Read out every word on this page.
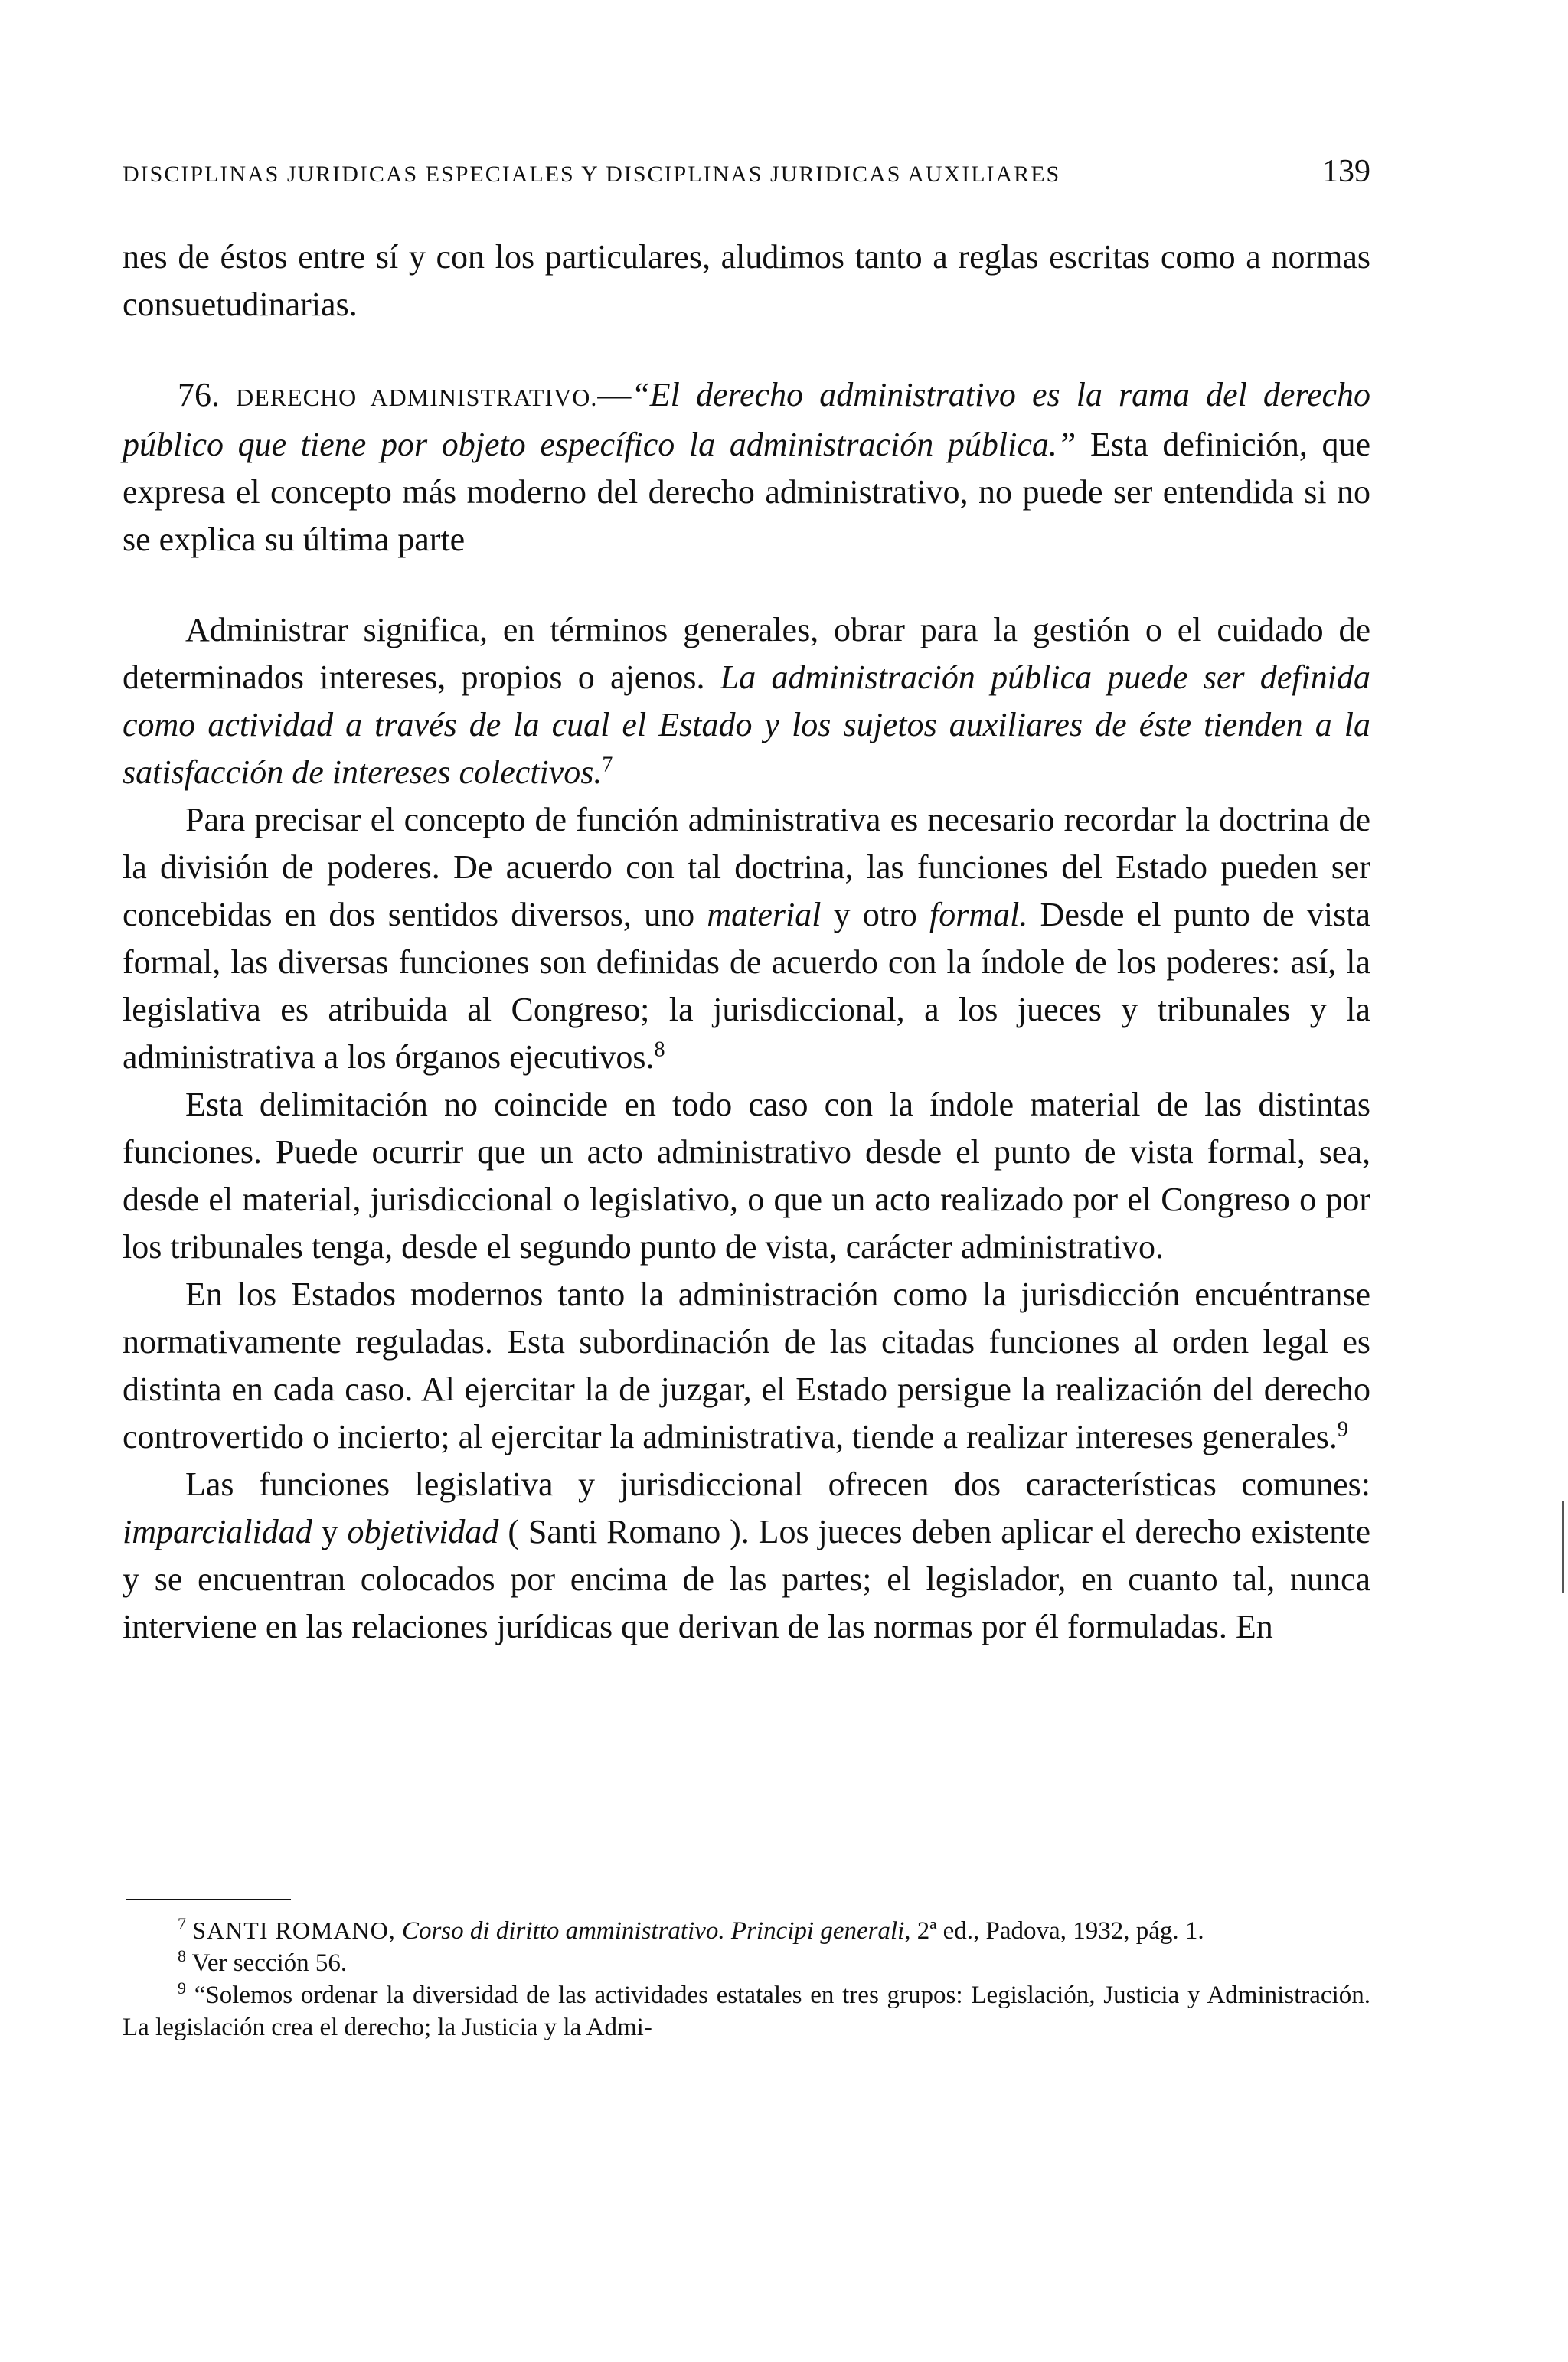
DISCIPLINAS JURIDICAS ESPECIALES Y DISCIPLINAS JURIDICAS AUXILIARES	139

nes de éstos entre sí y con los particulares, aludimos tanto a reglas escritas como a normas consuetudinarias.

76. DERECHO ADMINISTRATIVO.—“El derecho administrativo es la rama del derecho público que tiene por objeto específico la administración pública.” Esta definición, que expresa el concepto más moderno del derecho administrativo, no puede ser entendida si no se explica su última parte

Administrar significa, en términos generales, obrar para la gestión o el cuidado de determinados intereses, propios o ajenos. La administración pública puede ser definida como actividad a través de la cual el Estado y los sujetos auxiliares de éste tienden a la satisfacción de intereses colectivos.$^7$

Para precisar el concepto de función administrativa es necesario recordar la doctrina de la división de poderes. De acuerdo con tal doctrina, las funciones del Estado pueden ser concebidas en dos sentidos diversos, uno material y otro formal. Desde el punto de vista formal, las diversas funciones son definidas de acuerdo con la índole de los poderes: así, la legislativa es atribuida al Congreso; la jurisdiccional, a los jueces y tribunales y la administrativa a los órganos ejecutivos.$^8$

Esta delimitación no coincide en todo caso con la índole material de las distintas funciones. Puede ocurrir que un acto administrativo desde el punto de vista formal, sea, desde el material, jurisdiccional o legislativo, o que un acto realizado por el Congreso o por los tribunales tenga, desde el segundo punto de vista, carácter administrativo.

En los Estados modernos tanto la administración como la jurisdicción encuéntranse normativamente reguladas. Esta subordinación de las citadas funciones al orden legal es distinta en cada caso. Al ejercitar la de juzgar, el Estado persigue la realización del derecho controvertido o incierto; al ejercitar la administrativa, tiende a realizar intereses generales.$^9$

Las funciones legislativa y jurisdiccional ofrecen dos características comunes: imparcialidad y objetividad ( Santi Romano ). Los jueces deben aplicar el derecho existente y se encuentran colocados por encima de las partes; el legislador, en cuanto tal, nunca interviene en las relaciones jurídicas que derivan de las normas por él formuladas. En

$^7$ SANTI ROMANO, Corso di diritto amministrativo. Principi generali, 2ª ed., Padova, 1932, pág. 1.

$^8$ Ver sección 56.

$^9$ “Solemos ordenar la diversidad de las actividades estatales en tres grupos: Legislación, Justicia y Administración. La legislación crea el derecho; la Justicia y la Admi-
